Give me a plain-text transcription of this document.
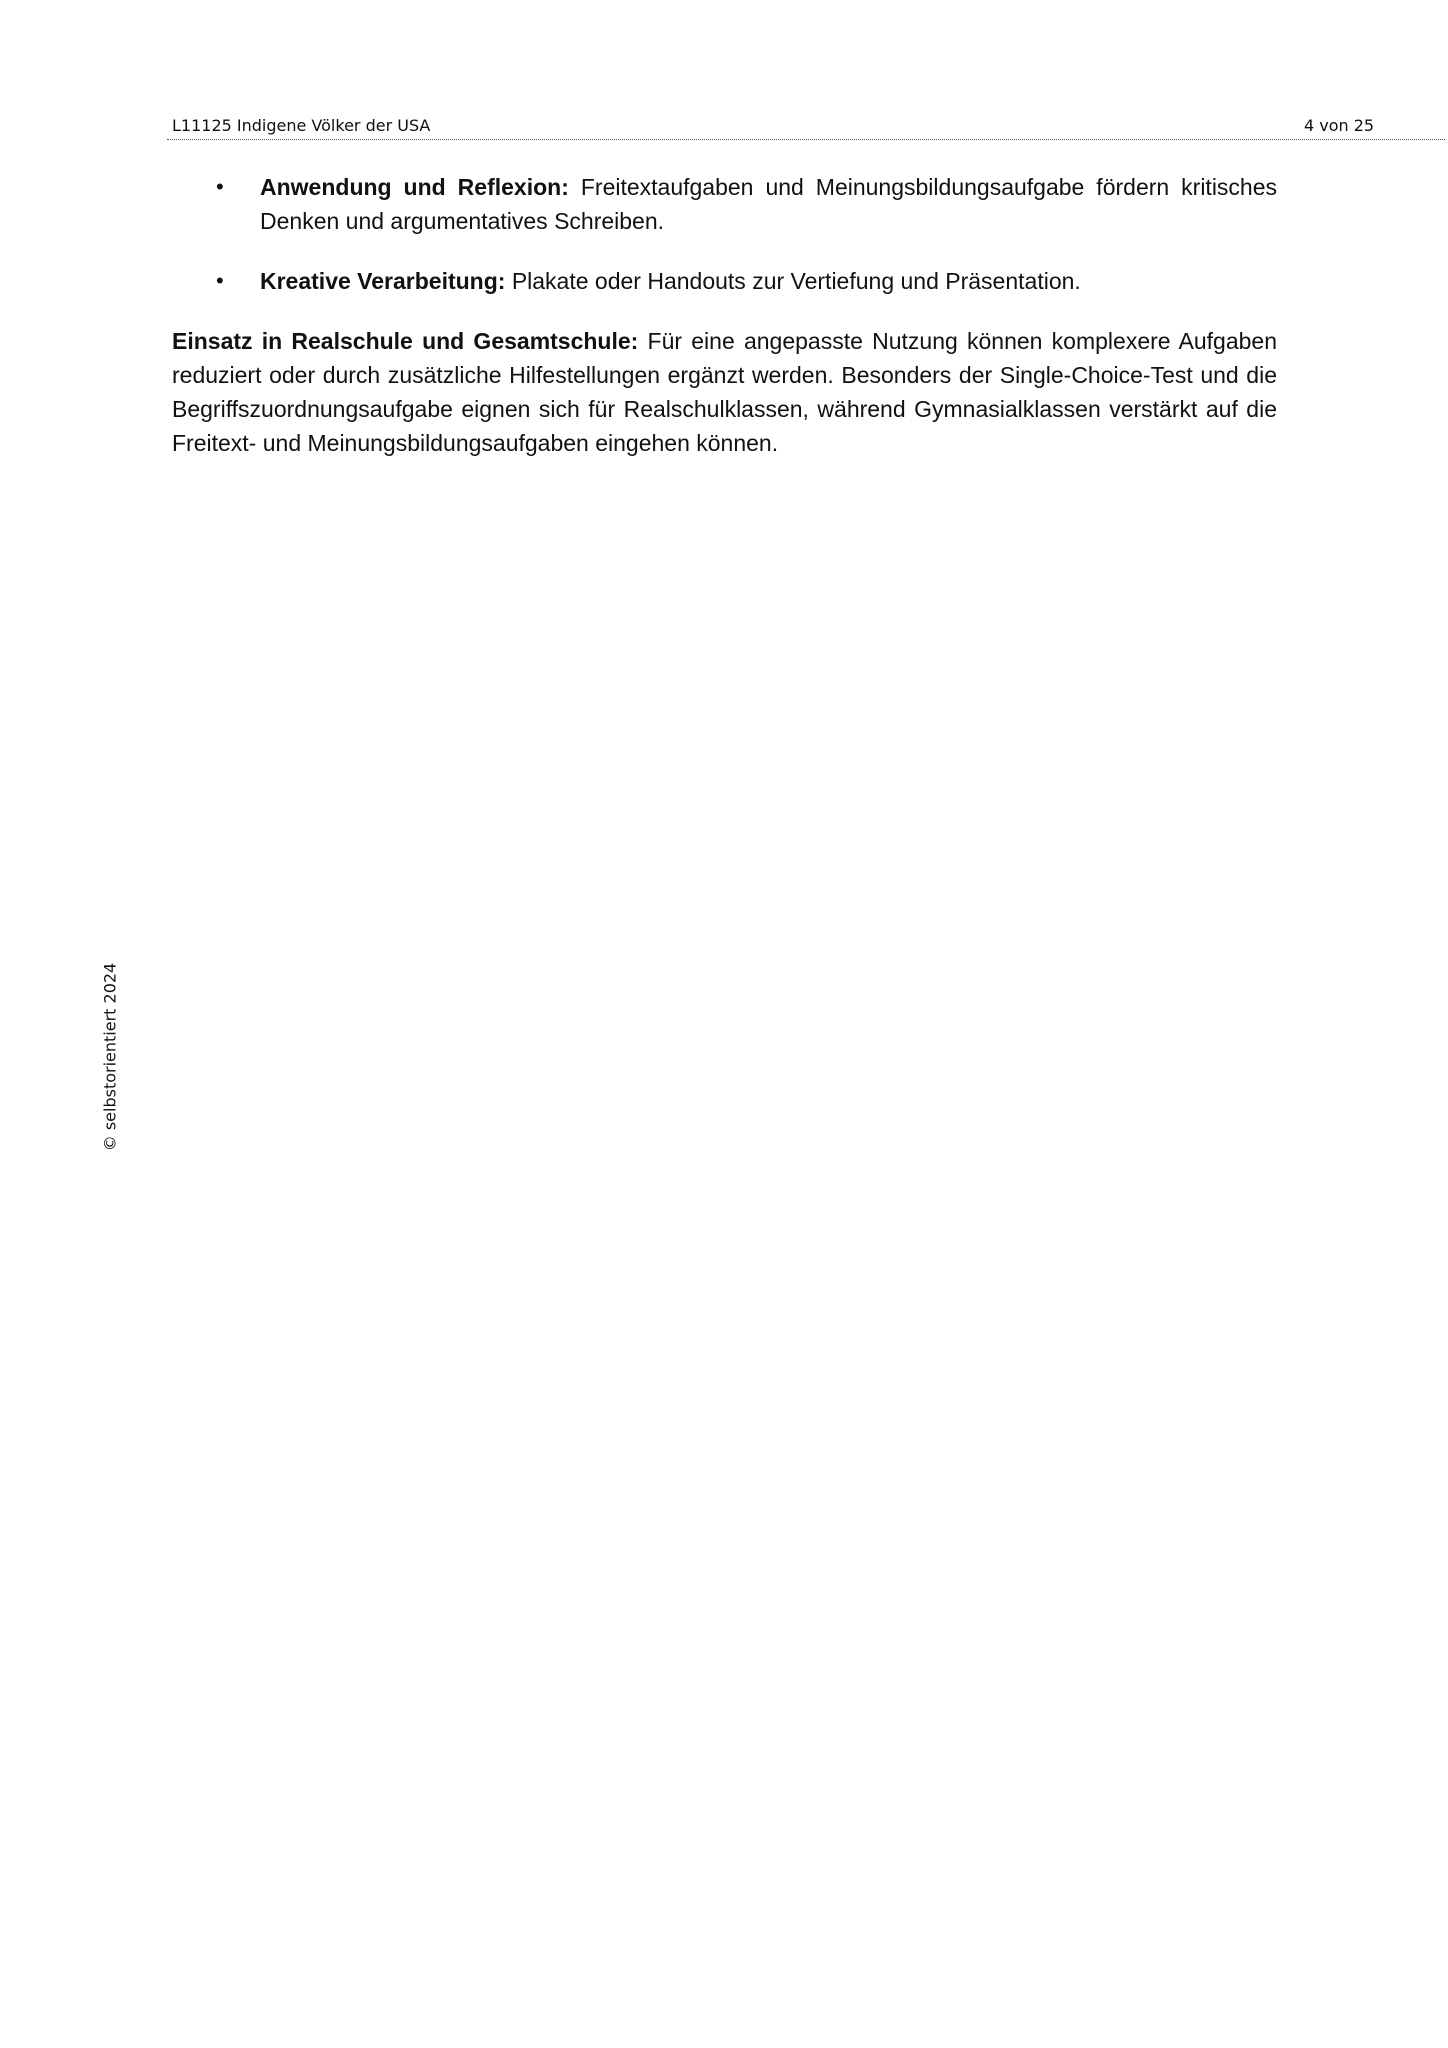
L11125 Indigene Völker der USA	4 von 25
• Anwendung und Reflexion: Freitextaufgaben und Meinungsbildungsaufgabe fördern kritisches Denken und argumentatives Schreiben.
• Kreative Verarbeitung: Plakate oder Handouts zur Vertiefung und Präsentation.

Einsatz in Realschule und Gesamtschule: Für eine angepasste Nutzung können komplexere Aufgaben reduziert oder durch zusätzliche Hilfestellungen ergänzt werden. Besonders der Single-Choice-Test und die Begriffszuordnungsaufgabe eignen sich für Realschulklassen, während Gymnasialklassen verstärkt auf die Freitext- und Meinungsbildungsaufgaben eingehen können.

© selbstorientiert 2024
